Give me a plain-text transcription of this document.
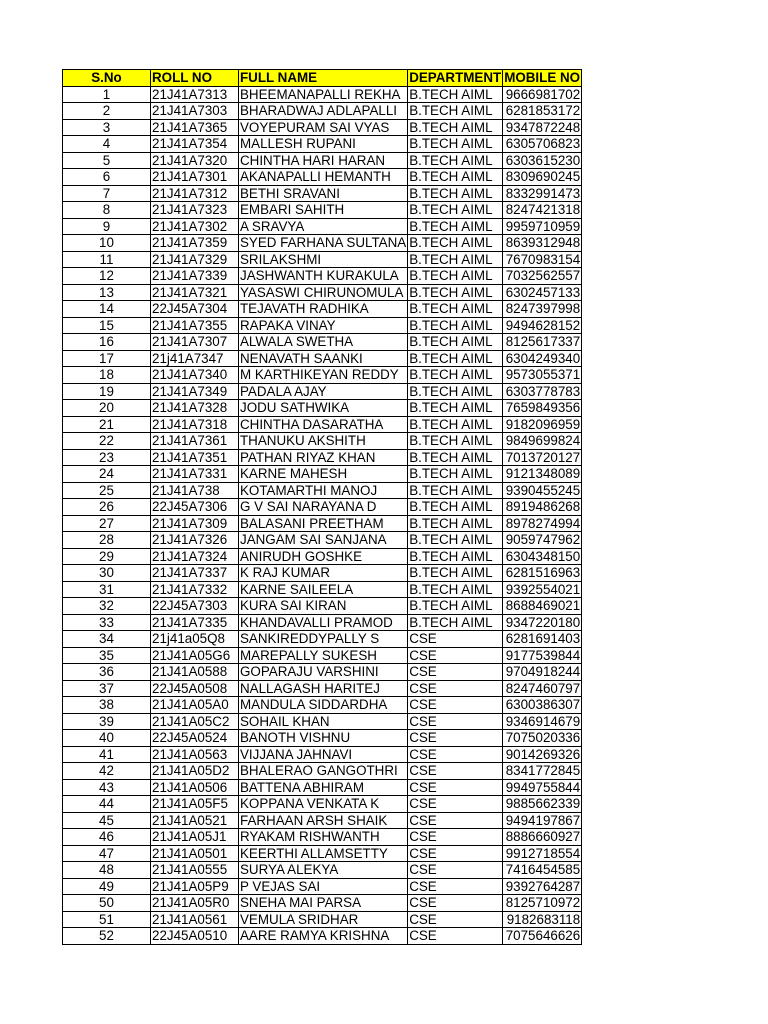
S.No	ROLL NO	FULL NAME	DEPARTMENT	MOBILE NO
1	21J41A7313	BHEEMANAPALLI REKHA	B.TECH AIML	9666981702
2	21J41A7303	BHARADWAJ ADLAPALLI	B.TECH AIML	6281853172
3	21J41A7365	VOYEPURAM SAI VYAS	B.TECH AIML	9347872248
4	21J41A7354	MALLESH RUPANI	B.TECH AIML	6305706823
5	21J41A7320	CHINTHA HARI HARAN	B.TECH AIML	6303615230
6	21J41A7301	AKANAPALLI HEMANTH	B.TECH AIML	8309690245
7	21J41A7312	BETHI SRAVANI	B.TECH AIML	8332991473
8	21J41A7323	EMBARI SAHITH	B.TECH AIML	8247421318
9	21J41A7302	A SRAVYA	B.TECH AIML	9959710959
10	21J41A7359	SYED FARHANA SULTANA	B.TECH AIML	8639312948
11	21J41A7329	SRILAKSHMI	B.TECH AIML	7670983154
12	21J41A7339	JASHWANTH KURAKULA	B.TECH AIML	7032562557
13	21J41A7321	YASASWI CHIRUNOMULA	B.TECH AIML	6302457133
14	22J45A7304	TEJAVATH RADHIKA	B.TECH AIML	8247397998
15	21J41A7355	RAPAKA VINAY	B.TECH AIML	9494628152
16	21J41A7307	ALWALA SWETHA	B.TECH AIML	8125617337
17	21j41A7347	NENAVATH SAANKI	B.TECH AIML	6304249340
18	21J41A7340	M KARTHIKEYAN REDDY	B.TECH AIML	9573055371
19	21J41A7349	PADALA AJAY	B.TECH AIML	6303778783
20	21J41A7328	JODU SATHWIKA	B.TECH AIML	7659849356
21	21J41A7318	CHINTHA DASARATHA	B.TECH AIML	9182096959
22	21J41A7361	THANUKU AKSHITH	B.TECH AIML	9849699824
23	21J41A7351	PATHAN RIYAZ KHAN	B.TECH AIML	7013720127
24	21J41A7331	KARNE MAHESH	B.TECH AIML	9121348089
25	21J41A738	KOTAMARTHI MANOJ	B.TECH AIML	9390455245
26	22J45A7306	G V SAI NARAYANA D	B.TECH AIML	8919486268
27	21J41A7309	BALASANI PREETHAM	B.TECH AIML	8978274994
28	21J41A7326	JANGAM SAI SANJANA	B.TECH AIML	9059747962
29	21J41A7324	ANIRUDH GOSHKE	B.TECH AIML	6304348150
30	21J41A7337	K RAJ KUMAR	B.TECH AIML	6281516963
31	21J41A7332	KARNE SAILEELA	B.TECH AIML	9392554021
32	22J45A7303	KURA SAI KIRAN	B.TECH AIML	8688469021
33	21J41A7335	KHANDAVALLI PRAMOD	B.TECH AIML	9347220180
34	21j41a05Q8	SANKIREDDYPALLY S	CSE	6281691403
35	21J41A05G6	MAREPALLY SUKESH	CSE	9177539844
36	21J41A0588	GOPARAJU VARSHINI	CSE	9704918244
37	22J45A0508	NALLAGASH HARITEJ	CSE	8247460797
38	21J41A05A0	MANDULA SIDDARDHA	CSE	6300386307
39	21J41A05C2	SOHAIL KHAN	CSE	9346914679
40	22J45A0524	BANOTH VISHNU	CSE	7075020336
41	21J41A0563	VIJJANA JAHNAVI	CSE	9014269326
42	21J41A05D2	BHALERAO GANGOTHRI	CSE	8341772845
43	21J41A0506	BATTENA ABHIRAM	CSE	9949755844
44	21J41A05F5	KOPPANA VENKATA K	CSE	9885662339
45	21J41A0521	FARHAAN ARSH SHAIK	CSE	9494197867
46	21J41A05J1	RYAKAM RISHWANTH	CSE	8886660927
47	21J41A0501	KEERTHI ALLAMSETTY	CSE	9912718554
48	21J41A0555	SURYA ALEKYA	CSE	7416454585
49	21J41A05P9	P VEJAS SAI	CSE	9392764287
50	21J41A05R0	SNEHA MAI PARSA	CSE	8125710972
51	21J41A0561	VEMULA SRIDHAR	CSE	9182683118
52	22J45A0510	AARE RAMYA KRISHNA	CSE	7075646626
